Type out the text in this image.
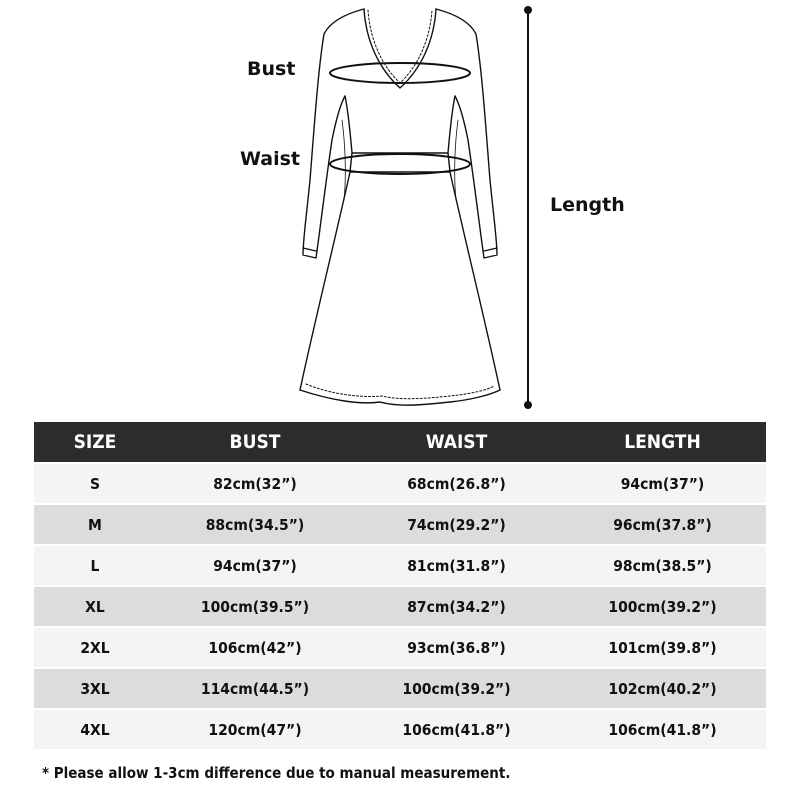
Bust
Waist
Length
SIZE	BUST	WAIST	LENGTH
S	82cm(32”)	68cm(26.8”)	94cm(37”)
M	88cm(34.5”)	74cm(29.2”)	96cm(37.8”)
L	94cm(37”)	81cm(31.8”)	98cm(38.5”)
XL	100cm(39.5”)	87cm(34.2”)	100cm(39.2”)
2XL	106cm(42”)	93cm(36.8”)	101cm(39.8”)
3XL	114cm(44.5”)	100cm(39.2”)	102cm(40.2”)
4XL	120cm(47”)	106cm(41.8”)	106cm(41.8”)
* Please allow 1-3cm difference due to manual measurement.
